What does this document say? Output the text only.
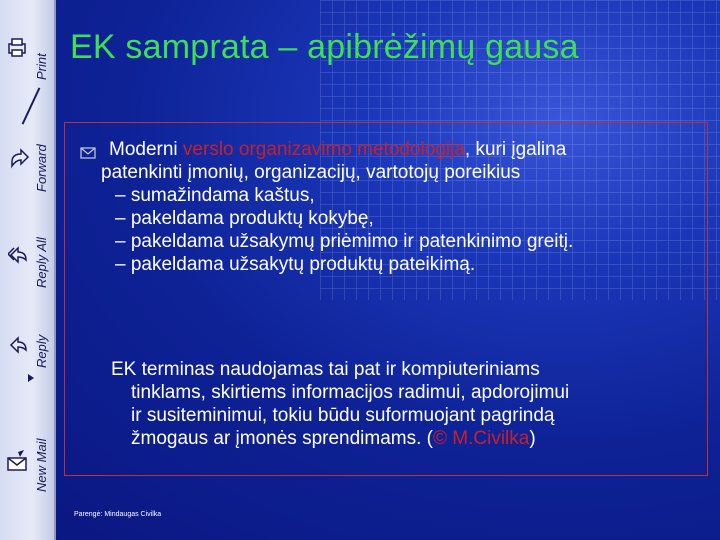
Print
Forward
Reply All
Reply
New Mail
EK samprata – apibrėžimų gausa
Moderni verslo organizavimo metodologija, kuri įgalina
patenkinti įmonių, organizacijų, vartotojų poreikius
– sumažindama kaštus,
– pakeldama produktų kokybę,
– pakeldama užsakymų priėmimo ir patenkinimo greitį.
– pakeldama užsakytų produktų pateikimą.
EK terminas naudojamas tai pat ir kompiuteriniams
tinklams, skirtiems informacijos radimui, apdorojimui
ir susiteminimui, tokiu būdu suformuojant pagrindą
žmogaus ar įmonės sprendimams. (© M.Civilka)
Parengė: Mindaugas Civilka
